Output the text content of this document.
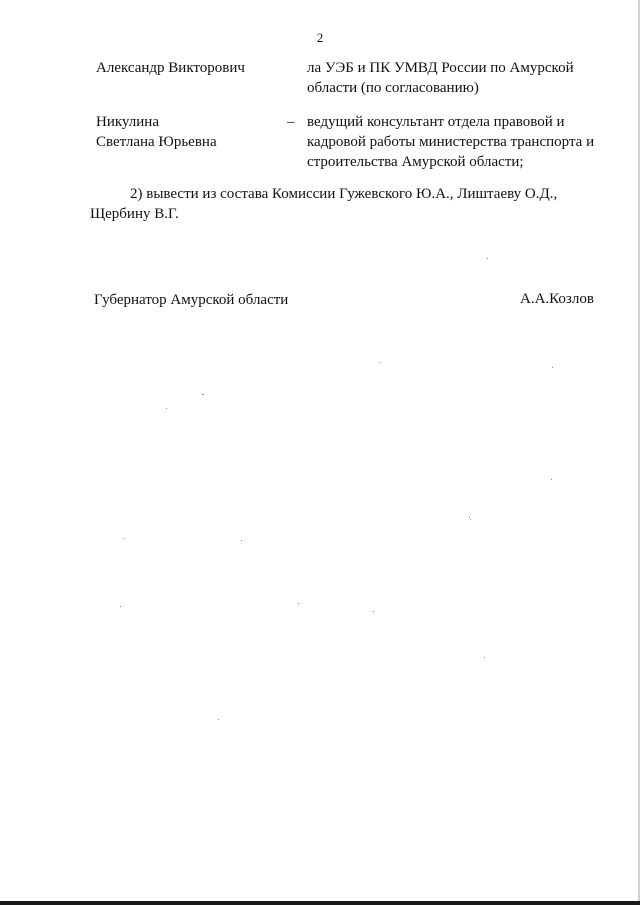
2
Александр Викторович	ла УЭБ и ПК УМВД России по Амурской
области (по согласованию)
Никулина
Светлана Юрьевна
– ведущий консультант отдела правовой и
кадровой работы министерства транспорта и
строительства Амурской области;

2) вывести из состава Комиссии Гужевского Ю.А., Лиштаеву О.Д.,

Щербину В.Г.

Губернатор Амурской области	А.А.Козлов
